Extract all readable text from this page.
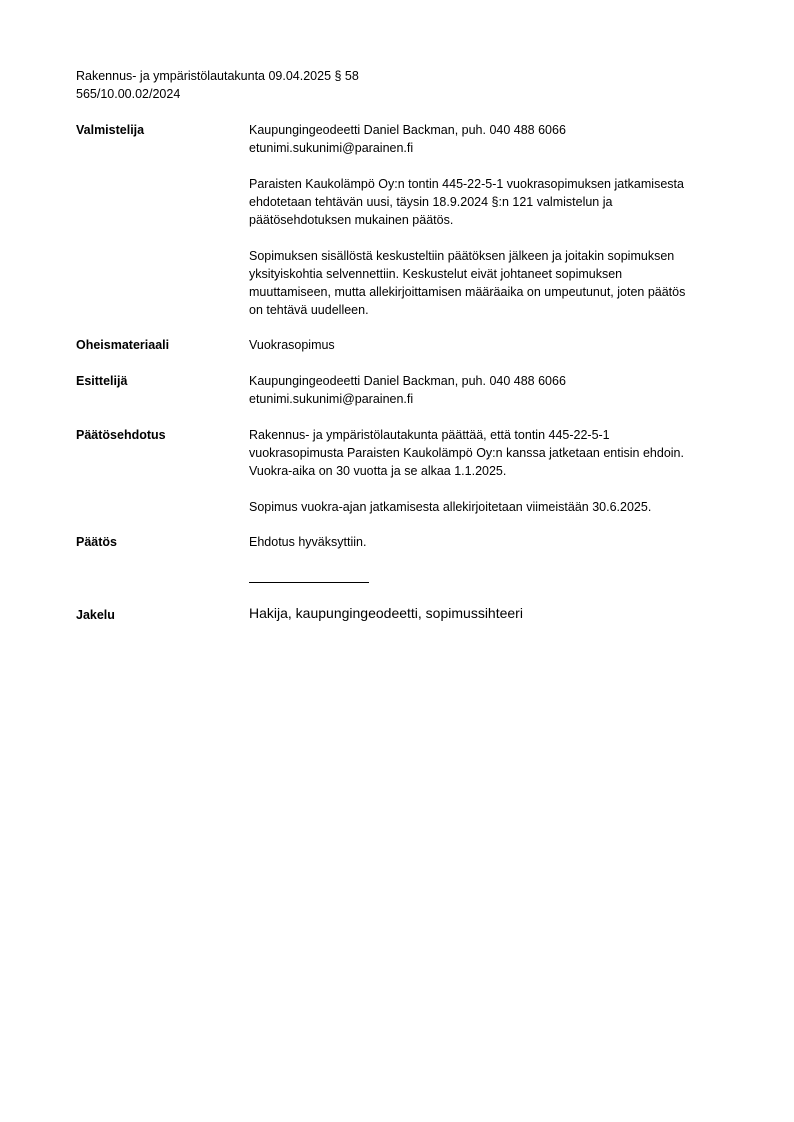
Rakennus- ja ympäristölautakunta 09.04.2025 § 58
565/10.00.02/2024
Valmistelija	Kaupungingeodeetti Daniel Backman, puh. 040 488 6066
etunimi.sukunimi@parainen.fi

Paraisten Kaukolämpö Oy:n tontin 445-22-5-1 vuokrasopimuksen jatkamisesta
ehdotetaan tehtävän uusi, täysin 18.9.2024 §:n 121 valmistelun ja
päätösehdotuksen mukainen päätös.

Sopimuksen sisällöstä keskusteltiin päätöksen jälkeen ja joitakin sopimuksen
yksityiskohtia selvennettiin. Keskustelut eivät johtaneet sopimuksen
muuttamiseen, mutta allekirjoittamisen määräaika on umpeutunut, joten päätös
on tehtävä uudelleen.

Oheismateriaali	Vuokrasopimus

Esittelijä	Kaupungingeodeetti Daniel Backman, puh. 040 488 6066
etunimi.sukunimi@parainen.fi

Päätösehdotus	Rakennus- ja ympäristölautakunta päättää, että tontin 445-22-5-1
vuokrasopimusta Paraisten Kaukolämpö Oy:n kanssa jatketaan entisin ehdoin.
Vuokra-aika on 30 vuotta ja se alkaa 1.1.2025.

Sopimus vuokra-ajan jatkamisesta allekirjoitetaan viimeistään 30.6.2025.

Päätös	Ehdotus hyväksyttiin.

Jakelu	Hakija, kaupungingeodeetti, sopimussihteeri
